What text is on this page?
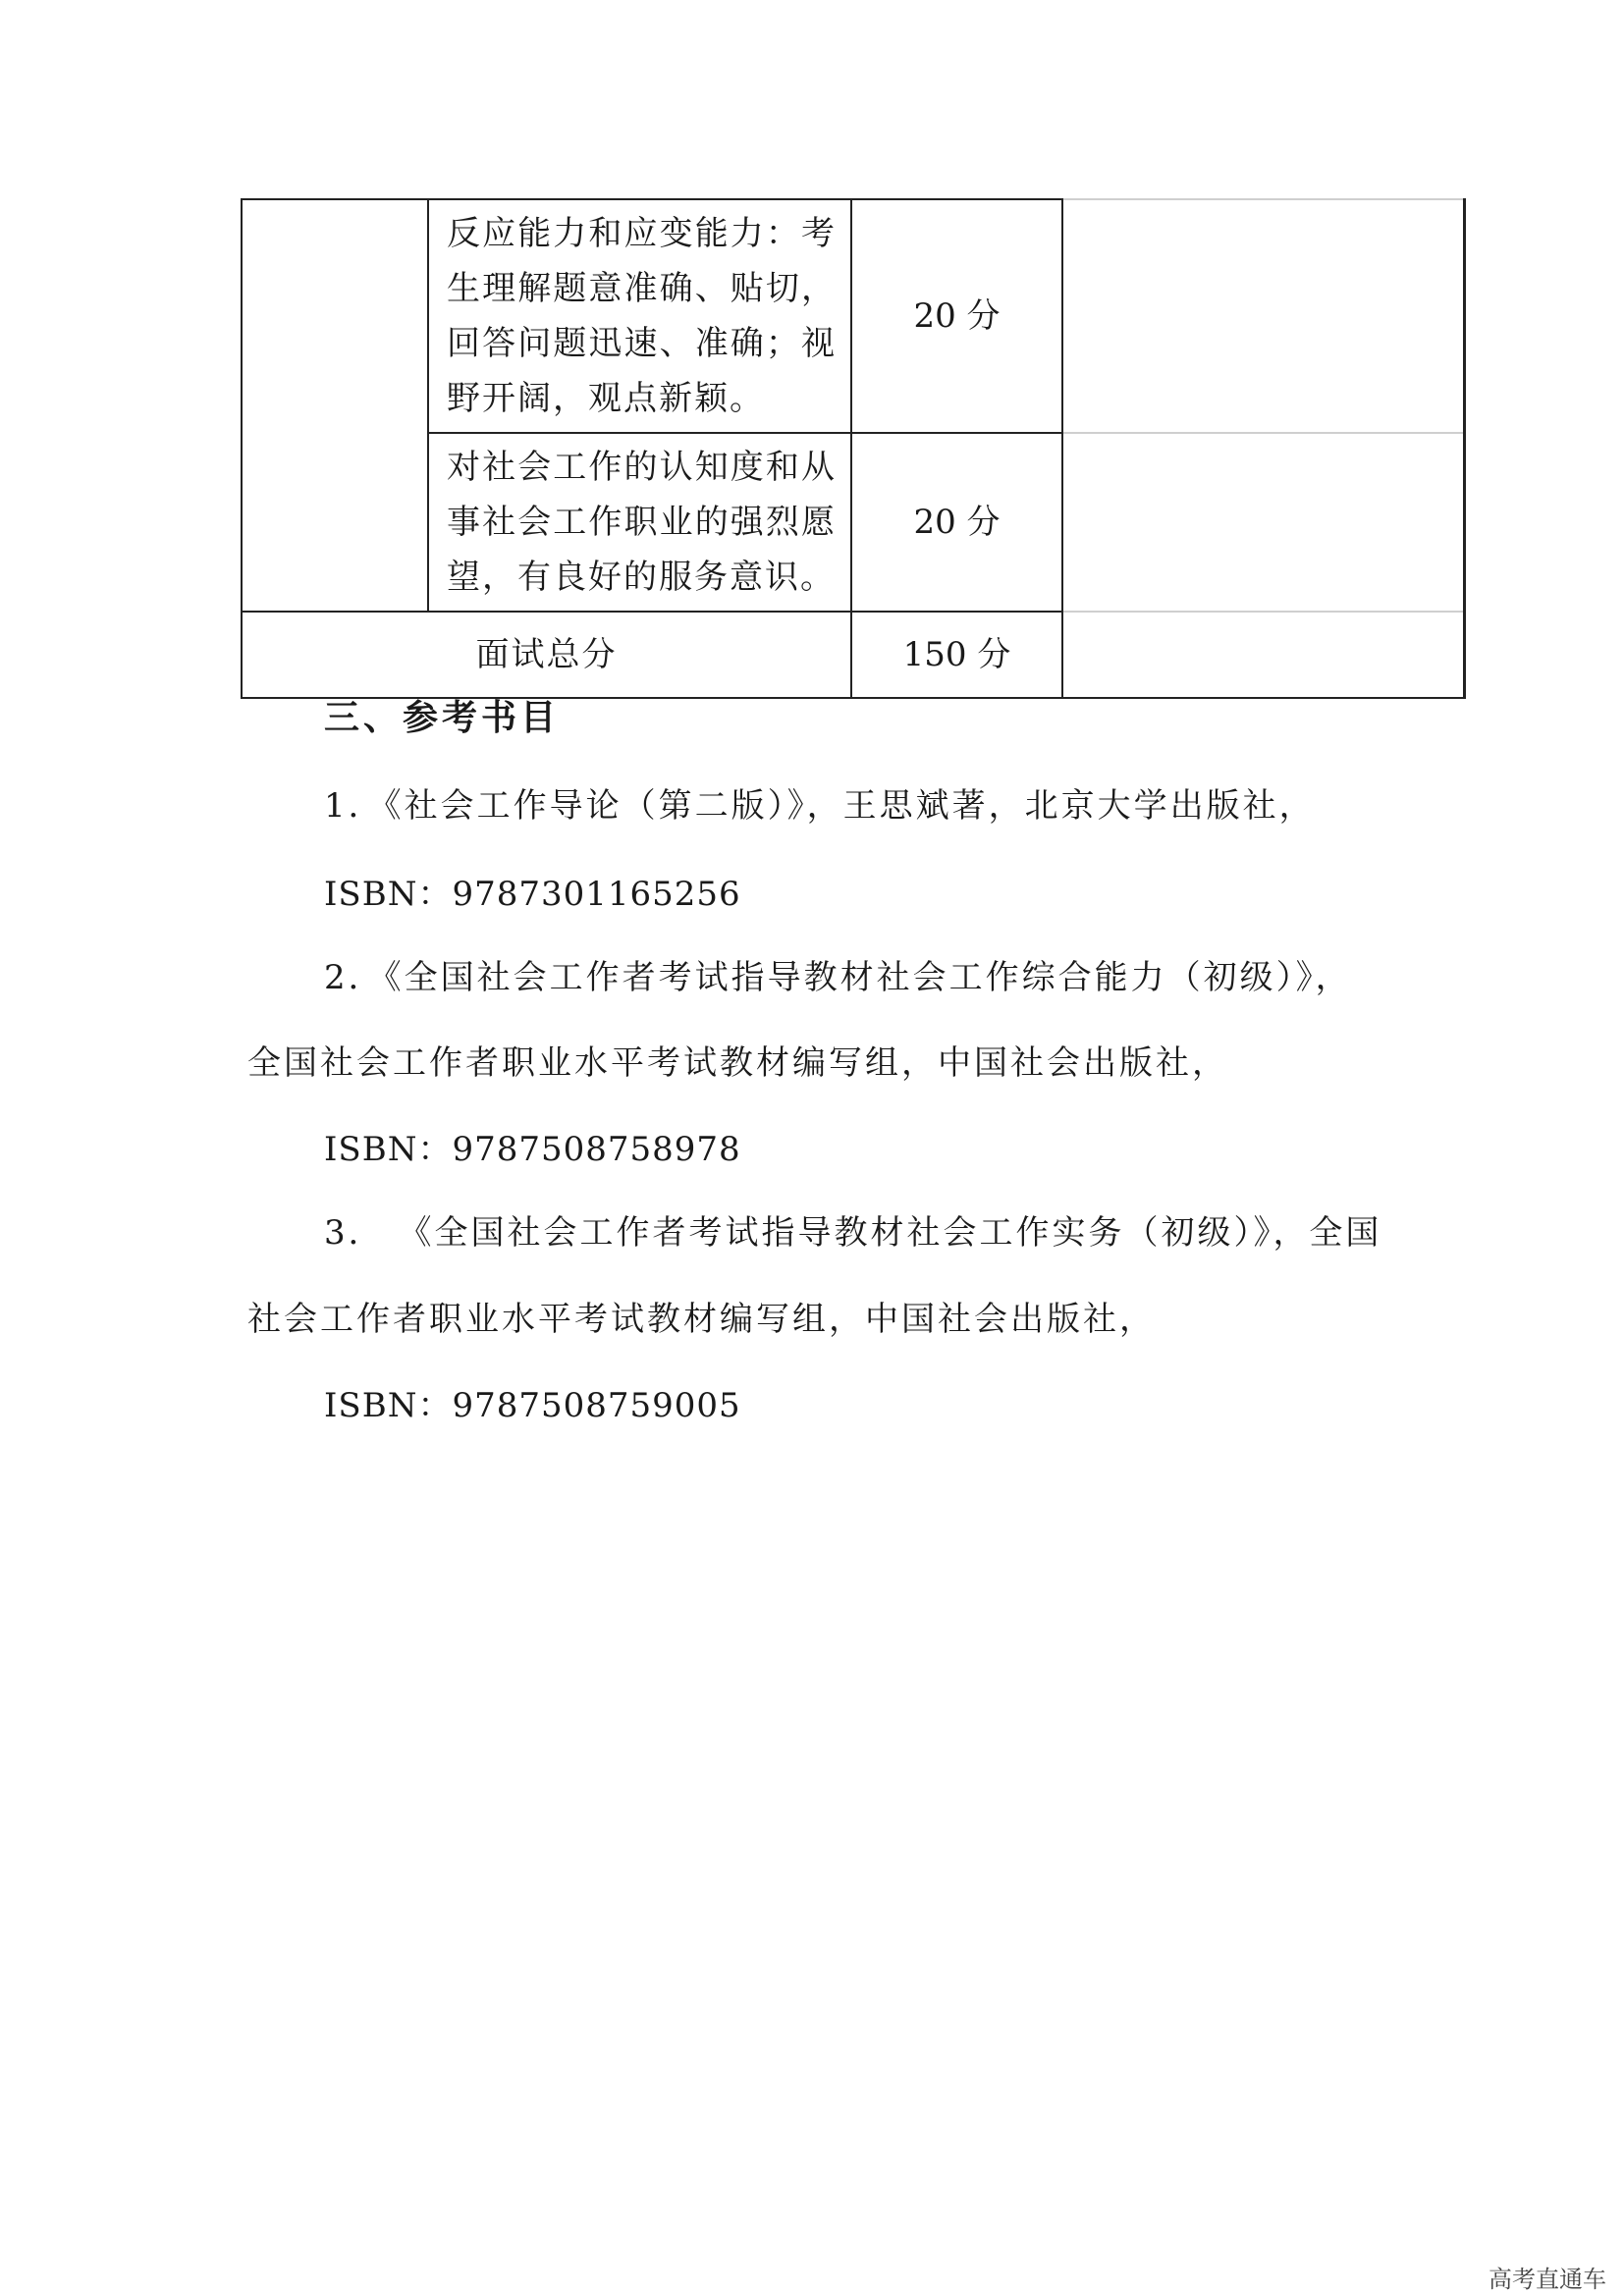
	反应能力和应变能力：考生理解题意准确、贴切，回答问题迅速、准确；视野开阔，观点新颖。	20 分	
	对社会工作的认知度和从事社会工作职业的强烈愿望，有良好的服务意识。	20 分	
面试总分		150 分	
三、参考书目

1．《社会工作导论（第二版）》，王思斌著，北京大学出版社，

ISBN：9787301165256

2．《全国社会工作者考试指导教材社会工作综合能力（初级）》，

全国社会工作者职业水平考试教材编写组，中国社会出版社，

ISBN：9787508758978

3． 《全国社会工作者考试指导教材社会工作实务（初级）》，全国

社会工作者职业水平考试教材编写组，中国社会出版社，

ISBN：9787508759005

高考直通车
